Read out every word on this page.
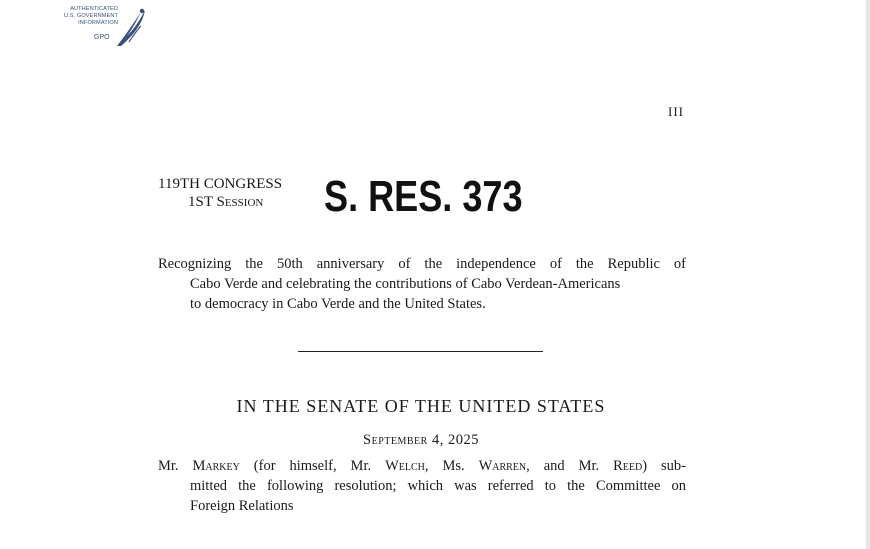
AUTHENTICATED
U.S. GOVERNMENT
INFORMATION
GPO
III
119TH CONGRESS
1ST Session S. RES. 373
Recognizing the 50th anniversary of the independence of the Republic of
Cabo Verde and celebrating the contributions of Cabo Verdean-Americans
to democracy in Cabo Verde and the United States.
IN THE SENATE OF THE UNITED STATES
September 4, 2025
Mr. Markey (for himself, Mr. Welch, Ms. Warren, and Mr. Reed) sub-
mitted the following resolution; which was referred to the Committee on
Foreign Relations
